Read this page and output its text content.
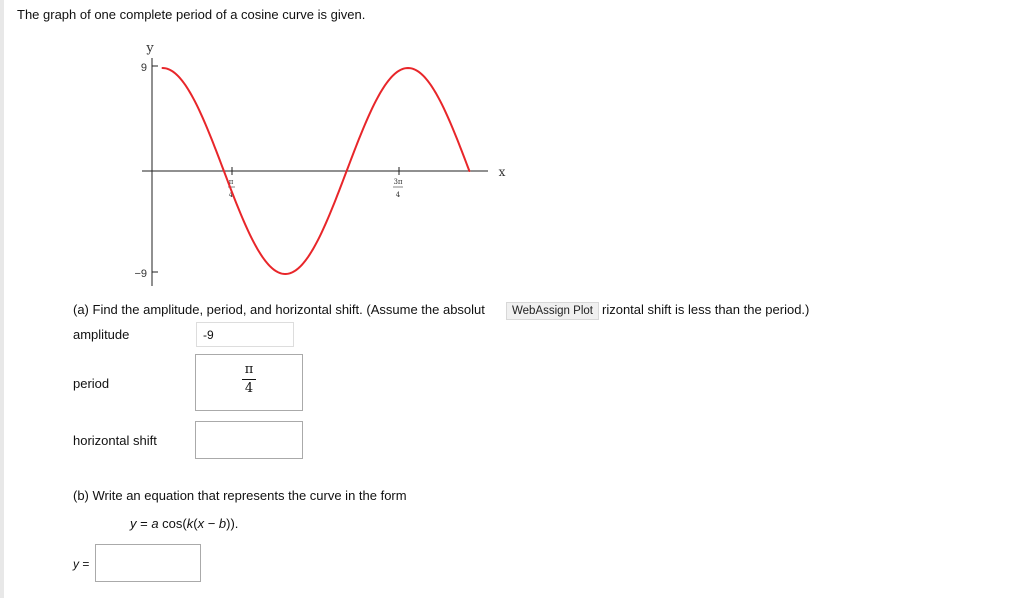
The graph of one complete period of a cosine curve is given.
y
x
9
−9
π
4
3π
4
(a) Find the amplitude, period, and horizontal shift. (Assume the absolut	rizontal shift is less than the period.)
WebAssign Plot
amplitude	-9
period
π
4
horizontal shift
(b) Write an equation that represents the curve in the form
y = a cos(k(x − b)).
y =
